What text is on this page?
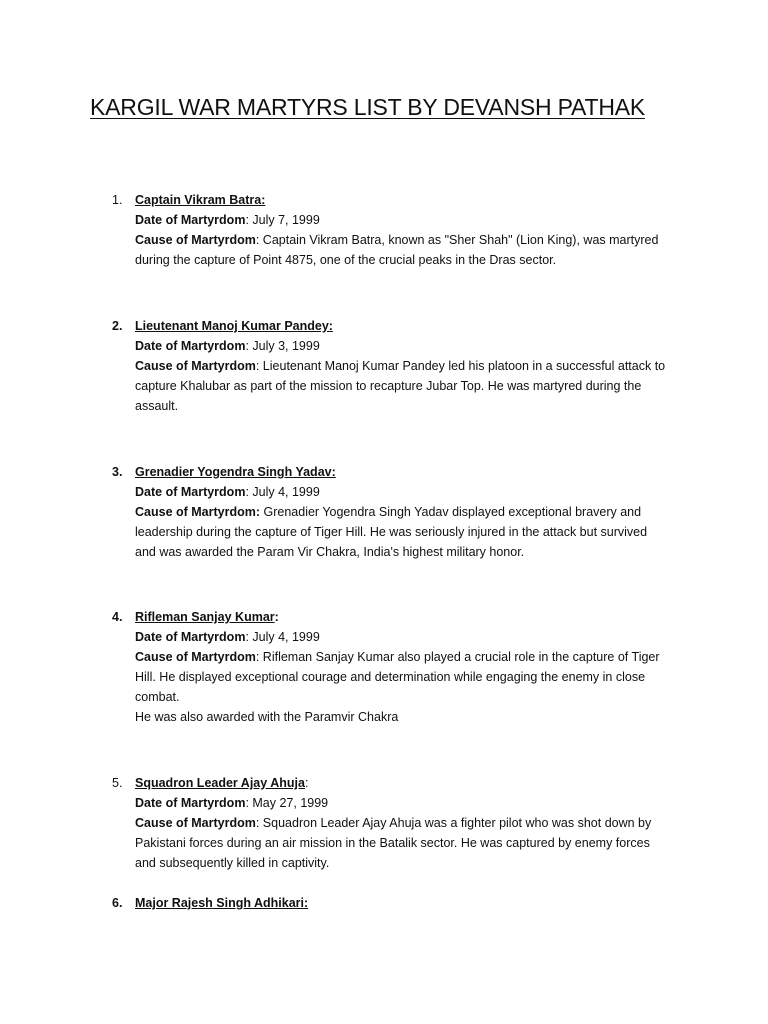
KARGIL WAR MARTYRS LIST BY DEVANSH PATHAK
1.	Captain Vikram Batra:
Date of Martyrdom: July 7, 1999
Cause of Martyrdom: Captain Vikram Batra, known as "Sher Shah" (Lion King), was martyred
during the capture of Point 4875, one of the crucial peaks in the Dras sector.
2.	Lieutenant Manoj Kumar Pandey:
Date of Martyrdom: July 3, 1999
Cause of Martyrdom: Lieutenant Manoj Kumar Pandey led his platoon in a successful attack to
capture Khalubar as part of the mission to recapture Jubar Top. He was martyred during the
assault.
3.	Grenadier Yogendra Singh Yadav:
Date of Martyrdom: July 4, 1999
Cause of Martyrdom: Grenadier Yogendra Singh Yadav displayed exceptional bravery and
leadership during the capture of Tiger Hill. He was seriously injured in the attack but survived
and was awarded the Param Vir Chakra, India's highest military honor.
4.	Rifleman Sanjay Kumar:
Date of Martyrdom: July 4, 1999
Cause of Martyrdom: Rifleman Sanjay Kumar also played a crucial role in the capture of Tiger
Hill. He displayed exceptional courage and determination while engaging the enemy in close
combat.
He was also awarded with the Paramvir Chakra
5.	Squadron Leader Ajay Ahuja:
Date of Martyrdom: May 27, 1999
Cause of Martyrdom: Squadron Leader Ajay Ahuja was a fighter pilot who was shot down by
Pakistani forces during an air mission in the Batalik sector. He was captured by enemy forces
and subsequently killed in captivity.
6.	Major Rajesh Singh Adhikari:
